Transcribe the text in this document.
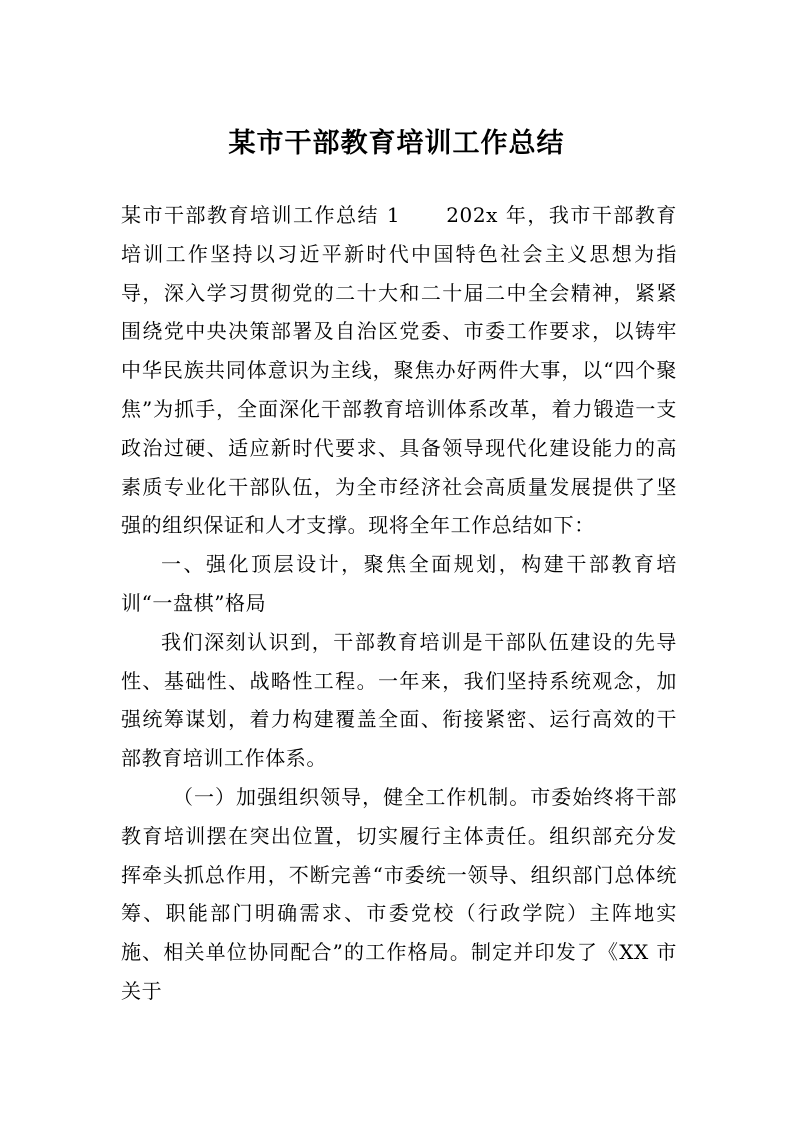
某市干部教育培训工作总结

某市干部教育培训工作总结 1 202x 年，我市干部教育培训工作坚持以习近平新时代中国特色社会主义思想为指导，深入学习贯彻党的二十大和二十届二中全会精神，紧紧围绕党中央决策部署及自治区党委、市委工作要求，以铸牢中华民族共同体意识为主线，聚焦办好两件大事，以“四个聚焦”为抓手，全面深化干部教育培训体系改革，着力锻造一支政治过硬、适应新时代要求、具备领导现代化建设能力的高素质专业化干部队伍，为全市经济社会高质量发展提供了坚强的组织保证和人才支撑。现将全年工作总结如下：

一、强化顶层设计，聚焦全面规划，构建干部教育培训“一盘棋”格局

我们深刻认识到，干部教育培训是干部队伍建设的先导性、基础性、战略性工程。一年来，我们坚持系统观念，加强统筹谋划，着力构建覆盖全面、衔接紧密、运行高效的干部教育培训工作体系。

（一）加强组织领导，健全工作机制。市委始终将干部教育培训摆在突出位置，切实履行主体责任。组织部充分发挥牵头抓总作用，不断完善“市委统一领导、组织部门总体统筹、职能部门明确需求、市委党校（行政学院）主阵地实施、相关单位协同配合”的工作格局。制定并印发了《XX 市关于
